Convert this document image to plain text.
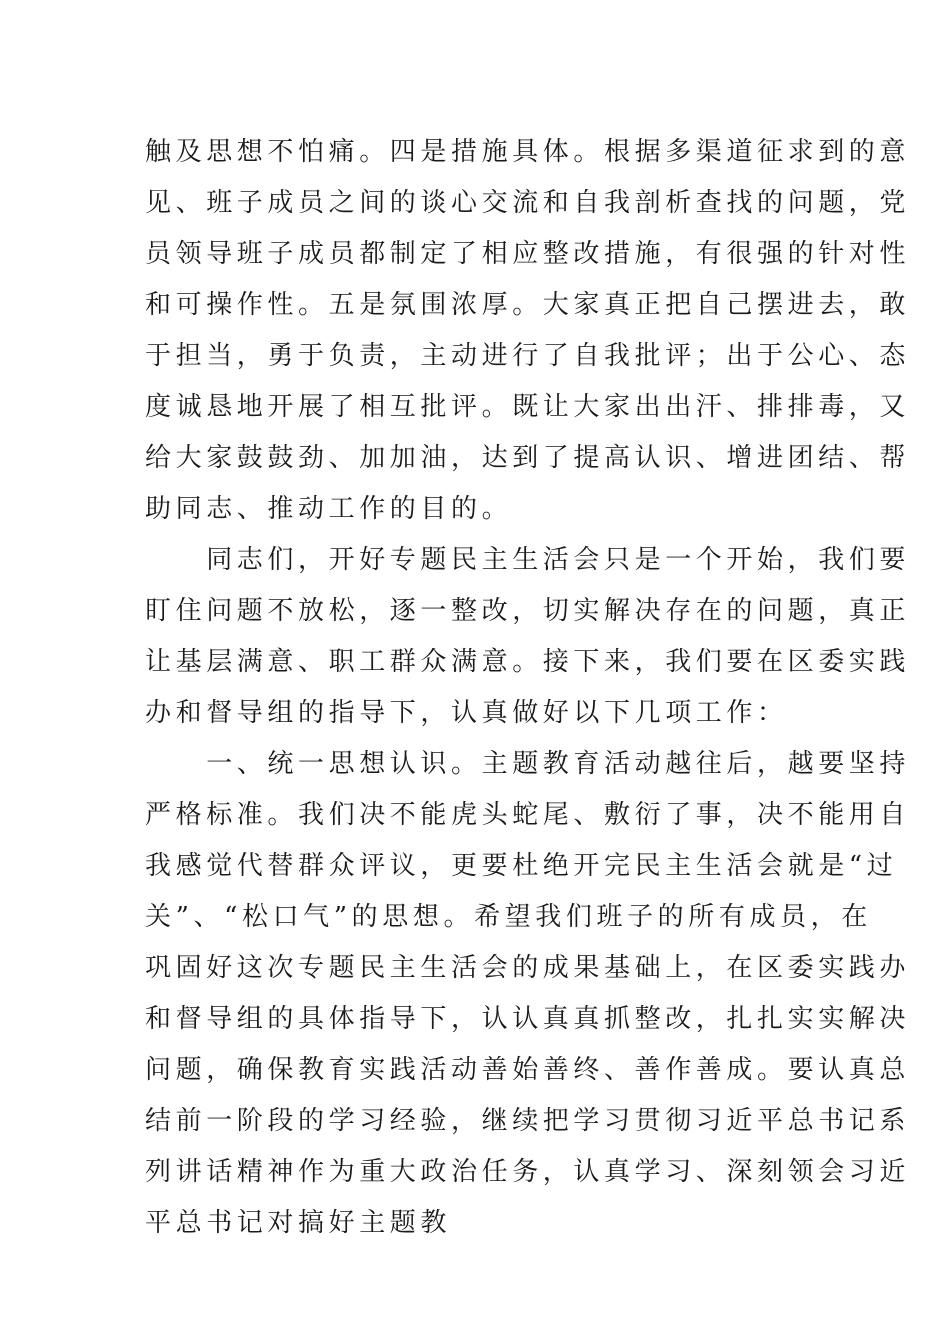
触及思想不怕痛。四是措施具体。根据多渠道征求到的意
见、班子成员之间的谈心交流和自我剖析查找的问题，党
员领导班子成员都制定了相应整改措施，有很强的针对性
和可操作性。五是氛围浓厚。大家真正把自己摆进去，敢
于担当，勇于负责，主动进行了自我批评；出于公心、态
度诚恳地开展了相互批评。既让大家出出汗、排排毒，又
给大家鼓鼓劲、加加油，达到了提高认识、增进团结、帮
助同志、推动工作的目的。
　　同志们，开好专题民主生活会只是一个开始，我们要
盯住问题不放松，逐一整改，切实解决存在的问题，真正
让基层满意、职工群众满意。接下来，我们要在区委实践
办和督导组的指导下，认真做好以下几项工作：
　　一、统一思想认识。主题教育活动越往后，越要坚持
严格标准。我们决不能虎头蛇尾、敷衍了事，决不能用自
我感觉代替群众评议，更要杜绝开完民主生活会就是“过
关”、“松口气”的思想。希望我们班子的所有成员，在
巩固好这次专题民主生活会的成果基础上，在区委实践办
和督导组的具体指导下，认认真真抓整改，扎扎实实解决
问题，确保教育实践活动善始善终、善作善成。要认真总
结前一阶段的学习经验，继续把学习贯彻习近平总书记系
列讲话精神作为重大政治任务，认真学习、深刻领会习近
平总书记对搞好主题教
